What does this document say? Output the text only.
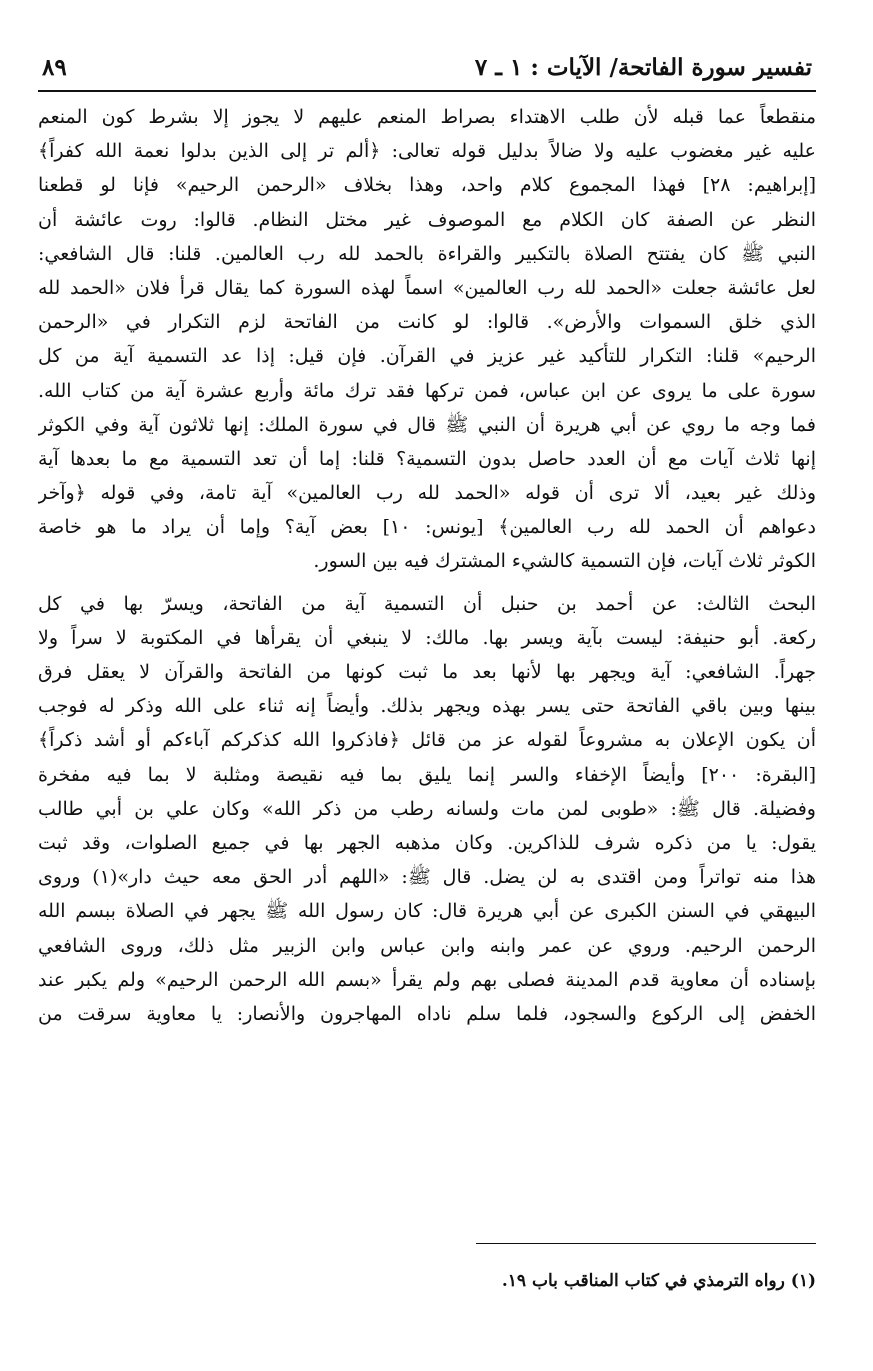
تفسير سورة الفاتحة/ الآيات : ١ ـ ٧
٨٩
منقطعاً عما قبله لأن طلب الاهتداء بصراط المنعم عليهم لا يجوز إلا بشرط كون المنعم
عليه غير مغضوب عليه ولا ضالاً بدليل قوله تعالى: ﴿ألم تر إلى الذين بدلوا نعمة الله كفراً﴾
[إبراهيم: ٢٨] فهذا المجموع كلام واحد، وهذا بخلاف «الرحمن الرحيم» فإنا لو قطعنا
النظر عن الصفة كان الكلام مع الموصوف غير مختل النظام. قالوا: روت عائشة أن
النبي ﷺ كان يفتتح الصلاة بالتكبير والقراءة بالحمد لله رب العالمين. قلنا: قال الشافعي:
لعل عائشة جعلت «الحمد لله رب العالمين» اسماً لهذه السورة كما يقال قرأ فلان «الحمد لله
الذي خلق السموات والأرض». قالوا: لو كانت من الفاتحة لزم التكرار في «الرحمن
الرحيم» قلنا: التكرار للتأكيد غير عزيز في القرآن. فإن قيل: إذا عد التسمية آية من كل
سورة على ما يروى عن ابن عباس، فمن تركها فقد ترك مائة وأربع عشرة آية من كتاب الله.
فما وجه ما روي عن أبي هريرة أن النبي ﷺ قال في سورة الملك: إنها ثلاثون آية وفي الكوثر
إنها ثلاث آيات مع أن العدد حاصل بدون التسمية؟ قلنا: إما أن تعد التسمية مع ما بعدها آية
وذلك غير بعيد، ألا ترى أن قوله «الحمد لله رب العالمين» آية تامة، وفي قوله ﴿وآخر
دعواهم أن الحمد لله رب العالمين﴾ [يونس: ١٠] بعض آية؟ وإما أن يراد ما هو خاصة
الكوثر ثلاث آيات، فإن التسمية كالشيء المشترك فيه بين السور.
البحث الثالث: عن أحمد بن حنبل أن التسمية آية من الفاتحة، ويسرّ بها في كل
ركعة. أبو حنيفة: ليست بآية ويسر بها. مالك: لا ينبغي أن يقرأها في المكتوبة لا سراً ولا
جهراً. الشافعي: آية ويجهر بها لأنها بعد ما ثبت كونها من الفاتحة والقرآن لا يعقل فرق
بينها وبين باقي الفاتحة حتى يسر بهذه ويجهر بذلك. وأيضاً إنه ثناء على الله وذكر له فوجب
أن يكون الإعلان به مشروعاً لقوله عز من قائل ﴿فاذكروا الله كذكركم آباءكم أو أشد ذكراً﴾
[البقرة: ٢٠٠] وأيضاً الإخفاء والسر إنما يليق بما فيه نقيصة ومثلبة لا بما فيه مفخرة
وفضيلة. قال ﷺ: «طوبى لمن مات ولسانه رطب من ذكر الله» وكان علي بن أبي طالب
يقول: يا من ذكره شرف للذاكرين. وكان مذهبه الجهر بها في جميع الصلوات، وقد ثبت
هذا منه تواتراً ومن اقتدى به لن يضل. قال ﷺ: «اللهم أدر الحق معه حيث دار»(١) وروى
البيهقي في السنن الكبرى عن أبي هريرة قال: كان رسول الله ﷺ يجهر في الصلاة ببسم الله
الرحمن الرحيم. وروي عن عمر وابنه وابن عباس وابن الزبير مثل ذلك، وروى الشافعي
بإسناده أن معاوية قدم المدينة فصلى بهم ولم يقرأ «بسم الله الرحمن الرحيم» ولم يكبر عند
الخفض إلى الركوع والسجود، فلما سلم ناداه المهاجرون والأنصار: يا معاوية سرقت من
(١) رواه الترمذي في كتاب المناقب باب ١٩.
